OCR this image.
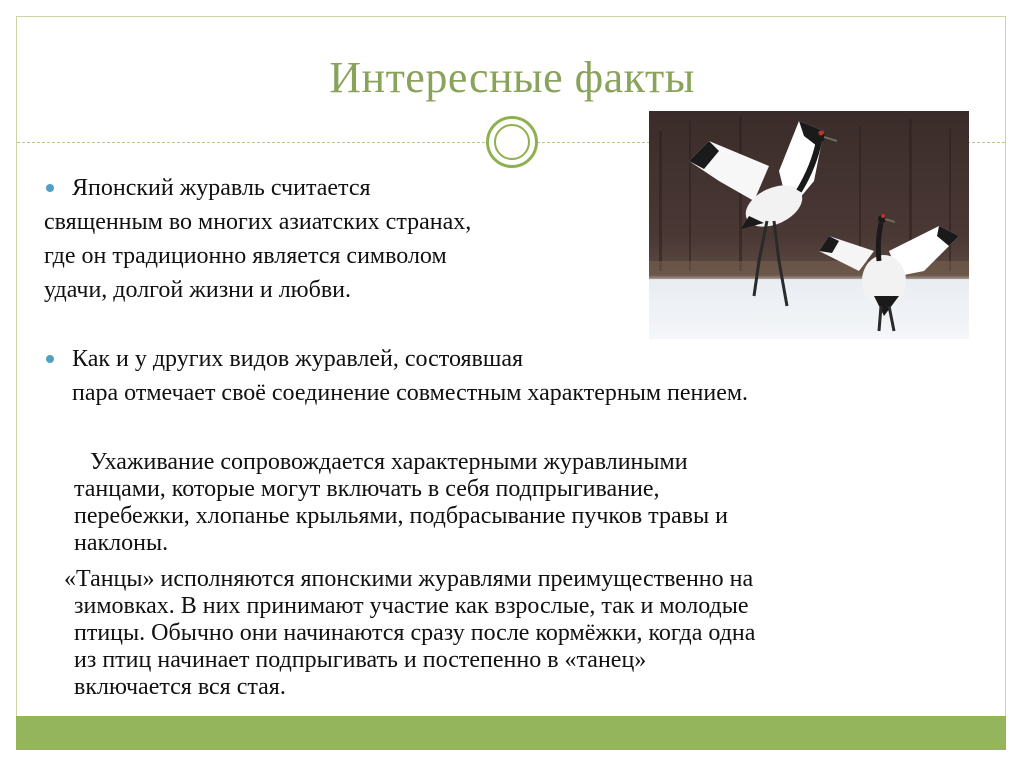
Интересные факты
Японский журавль считается
священным во многих азиатских странах,
где он традиционно является символом
удачи, долгой жизни и любви.
Как и у других видов журавлей, состоявшая
пара отмечает своё соединение совместным характерным пением.
Ухаживание сопровождается характерными журавлиными
танцами, которые могут включать в себя подпрыгивание,
перебежки, хлопанье крыльями, подбрасывание пучков травы и
наклоны.
«Танцы» исполняются японскими журавлями преимущественно на
зимовках. В них принимают участие как взрослые, так и молодые
птицы. Обычно они начинаются сразу после кормёжки, когда одна
из птиц начинает подпрыгивать и постепенно в «танец»
включается вся стая.
